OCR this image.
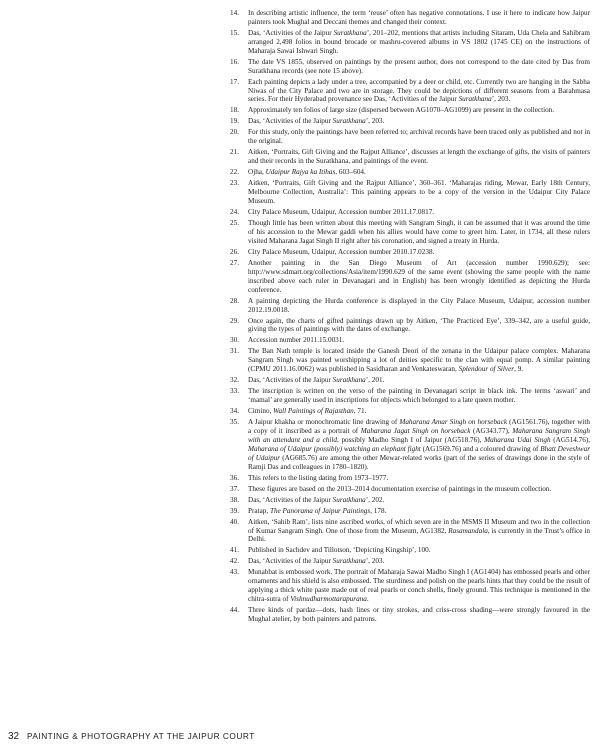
14.	In describing artistic influence, the term ‘reuse’ often has negative connotations. I use it here to indicate how Jaipur painters took Mughal and Deccani themes and changed their context.
15.	Das, ‘Activities of the Jaipur Suratkhana’, 201–202, mentions that artists including Sitaram, Uda Chela and Sahibram arranged 2,498 folios in bound brocade or mashru-covered albums in VS 1802 (1745 CE) on the instructions of Maharaja Sawai Ishwari Singh.
16.	The date VS 1855, observed on paintings by the present author, does not correspond to the date cited by Das from Suratkhana records (see note 15 above).
17.	Each painting depicts a lady under a tree, accompanied by a deer or child, etc. Currently two are hanging in the Sabha Niwas of the City Palace and two are in storage. They could be depictions of different seasons from a Barahmasa series. For their Hyderabad provenance see Das, ‘Activities of the Jaipur Suratkhana’, 203.
18.	Approximately ten folios of large size (dispersed between AG1070–AG1099) are present in the collection.
19.	Das, ‘Activities of the Jaipur Suratkhana’, 203.
20.	For this study, only the paintings have been referred to; archival records have been traced only as published and not in the original.
21.	Aitken, ‘Portraits, Gift Giving and the Rajput Alliance’, discusses at length the exchange of gifts, the visits of painters and their records in the Suratkhana, and paintings of the event.
22.	Ojha, Udaipur Rajya ka Itihas, 603–604.
23.	Aitken, ‘Portraits, Gift Giving and the Rajput Alliance’, 360–361. ‘Maharajas riding, Mewar, Early 18th Century, Melbourne Collection, Australia’: This painting appears to be a copy of the version in the Udaipur City Palace Museum.
24.	City Palace Museum, Udaipur, Accession number 2011.17.0817.
25.	Though little has been written about this meeting with Sangram Singh, it can be assumed that it was around the time of his accession to the Mewar gaddi when his allies would have come to greet him. Later, in 1734, all these rulers visited Maharana Jagat Singh II right after his coronation, and signed a treaty in Hurda.
26.	City Palace Museum, Udaipur, Accession number 2010.17.0238.
27.	Another painting in the San Diego Museum of Art (accession number 1990.629); see: http://www.sdmart.org/collections/Asia/item/1990.629 of the same event (showing the same people with the name inscribed above each ruler in Devanagari and in English) has been wrongly identified as depicting the Hurda conference.
28.	A painting depicting the Hurda conference is displayed in the City Palace Museum, Udaipur, accession number 2012.19.0018.
29.	Once again, the charts of gifted paintings drawn up by Aitken, ‘The Practiced Eye’, 339–342, are a useful guide, giving the types of paintings with the dates of exchange.
30.	Accession number 2011.15.0031.
31.	The Ban Nath temple is located inside the Ganesh Deori of the zenana in the Udaipur palace complex. Maharana Sangram Singh was painted worshipping a lot of deities specific to the clan with equal pomp. A similar painting (CPMU 2011.16.0062) was published in Sasidharan and Venkateswaran, Splendour of Silver, 9.
32.	Das, ‘Activities of the Jaipur Suratkhana’, 201.
33.	The inscription is written on the verso of the painting in Devanagari script in black ink. The terms ‘aswari’ and ‘mamal’ are generally used in inscriptions for objects which belonged to a late queen mother.
34.	Cimino, Wall Paintings of Rajasthan, 71.
35.	A Jaipur khakha or monochromatic line drawing of Maharana Amar Singh on horseback (AG1561.76), together with a copy of it inscribed as a portrait of Maharana Jagat Singh on horseback (AG343.77), Maharana Sangram Singh with an attendant and a child, possibly Madho Singh I of Jaipur (AG518.76), Maharana Udai Singh (AG514.76), Maharana of Udaipur (possibly) watching an elephant fight (AG1569.76) and a coloured drawing of Bhatt Deveshwar of Udaipur (AG685.76) are among the other Mewar-related works (part of the series of drawings done in the style of Ramji Das and colleagues in 1780–1820).
36.	This refers to the listing dating from 1973–1977.
37.	These figures are based on the 2013–2014 documentation exercise of paintings in the museum collection.
38.	Das, ‘Activities of the Jaipur Suratkhana’, 202.
39.	Pratap, The Panorama of Jaipur Paintings, 178.
40.	Aitken, ‘Sahib Ram’, lists nine ascribed works, of which seven are in the MSMS II Museum and two in the collection of Kumar Sangram Singh. One of those from the Museum, AG1382, Rasamandala, is currently in the Trust’s office in Delhi.
41.	Published in Sachdev and Tillotson, ‘Depicting Kingship’, 100.
42.	Das, ‘Activities of the Jaipur Suratkhana’, 203.
43.	Munabbat is embossed work. The portrait of Maharaja Sawai Madho Singh I (AG1404) has embossed pearls and other ornaments and his shield is also embossed. The sturdiness and polish on the pearls hints that they could be the result of applying a thick white paste made out of real pearls or conch shells, finely ground. This technique is mentioned in the chitra-sutra of Vishnudharmottarapurana.
44.	Three kinds of pardaz—dots, hash lines or tiny strokes, and criss-cross shading—were strongly favoured in the Mughal atelier, by both painters and patrons.
32 PAINTING & PHOTOGRAPHY AT THE JAIPUR COURT
